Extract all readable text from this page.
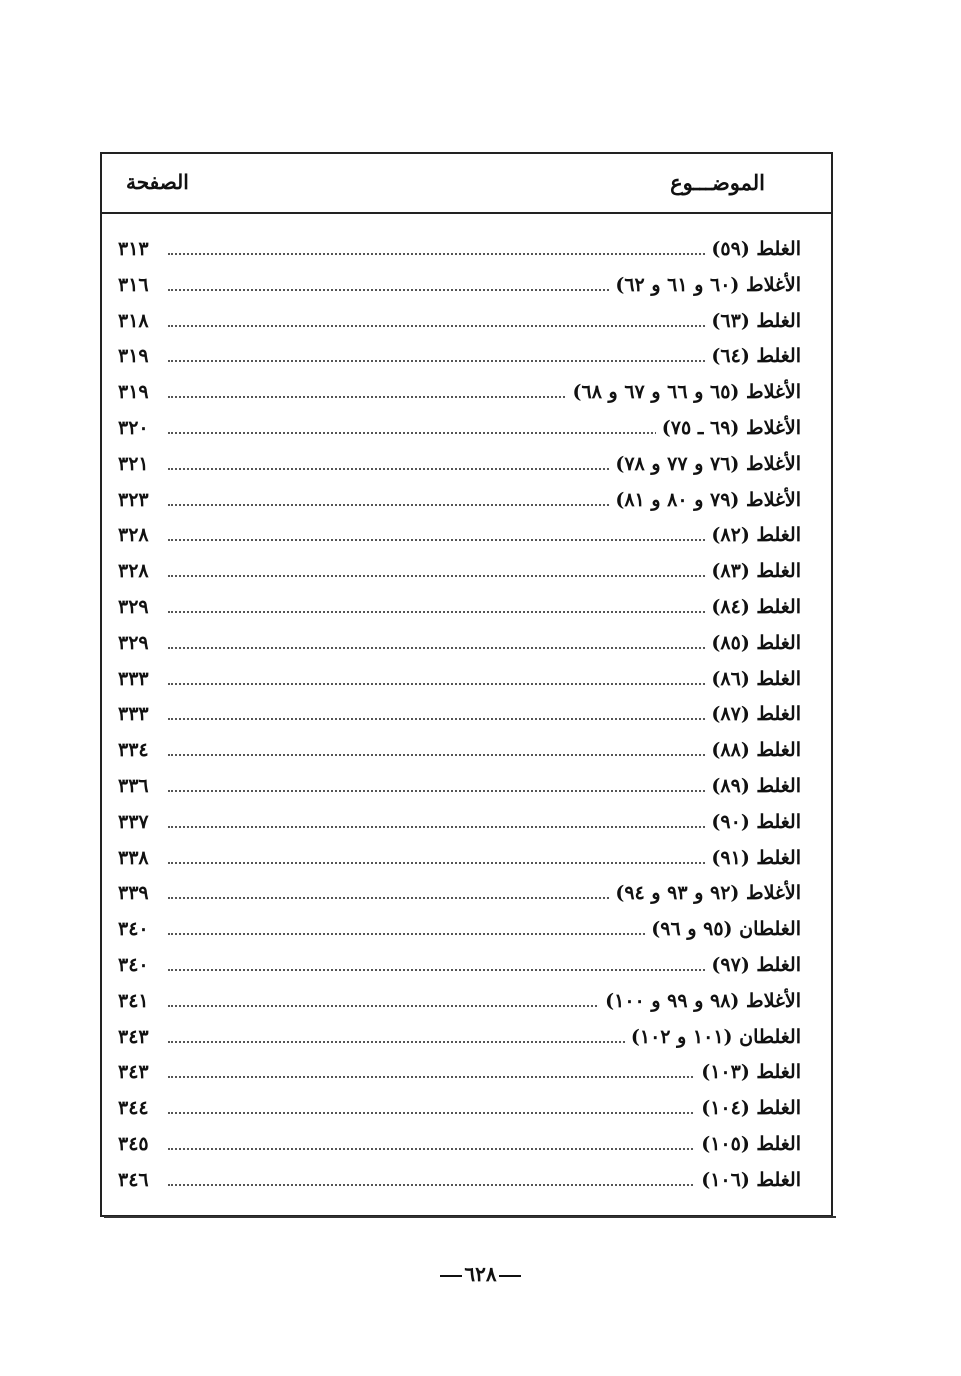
الموضـــوع
الصفحة
الغلط (٥٩)
٣١٣
الأغلاط (٦٠ و ٦١ و ٦٢)
٣١٦
الغلط (٦٣)
٣١٨
الغلط (٦٤)
٣١٩
الأغلاط (٦٥ و ٦٦ و ٦٧ و ٦٨)
٣١٩
الأغلاط (٦٩ ـ ٧٥)
٣٢٠
الأغلاط (٧٦ و ٧٧ و ٧٨)
٣٢١
الأغلاط (٧٩ و ٨٠ و ٨١)
٣٢٣
الغلط (٨٢)
٣٢٨
الغلط (٨٣)
٣٢٨
الغلط (٨٤)
٣٢٩
الغلط (٨٥)
٣٢٩
الغلط (٨٦)
٣٣٣
الغلط (٨٧)
٣٣٣
الغلط (٨٨)
٣٣٤
الغلط (٨٩)
٣٣٦
الغلط (٩٠)
٣٣٧
الغلط (٩١)
٣٣٨
الأغلاط (٩٢ و ٩٣ و ٩٤)
٣٣٩
الغلطان (٩٥ و ٩٦)
٣٤٠
الغلط (٩٧)
٣٤٠
الأغلاط (٩٨ و ٩٩ و ١٠٠)
٣٤١
الغلطان (١٠١ و ١٠٢)
٣٤٣
الغلط (١٠٣)
٣٤٣
الغلط (١٠٤)
٣٤٤
الغلط (١٠٥)
٣٤٥
الغلط (١٠٦)
٣٤٦
٦٢٨
